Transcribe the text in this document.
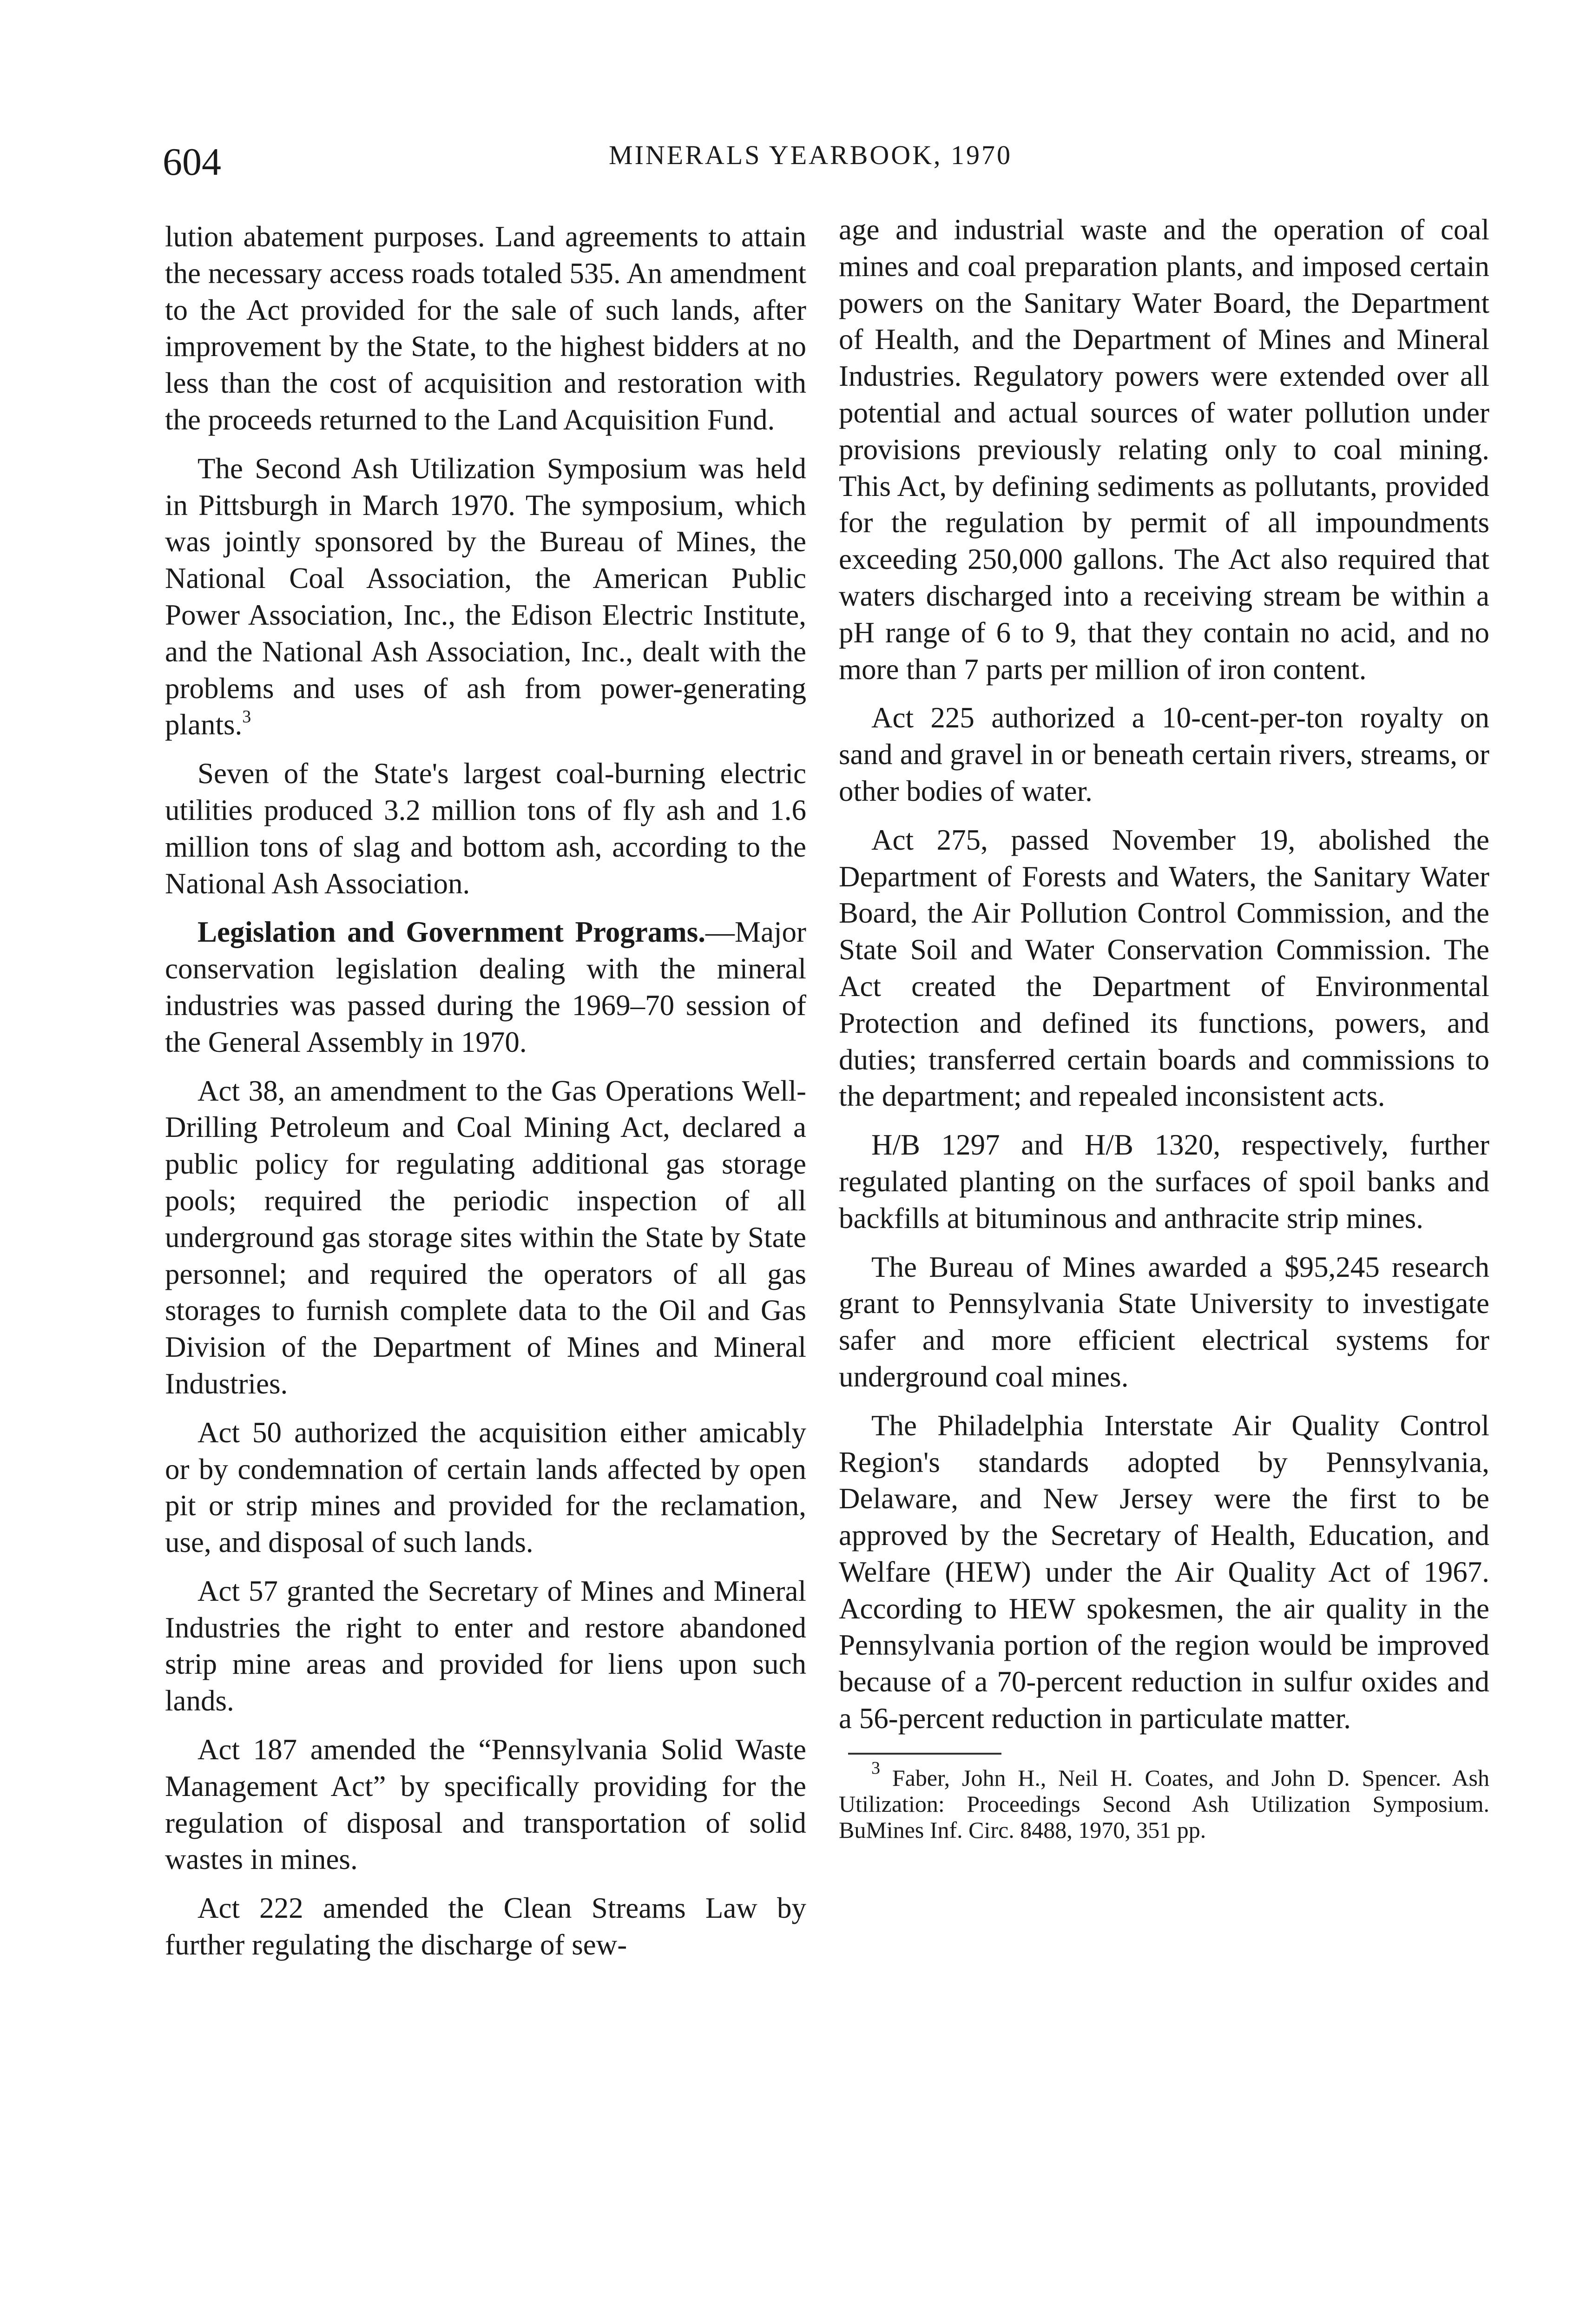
604	MINERALS YEARBOOK, 1970

lution abatement purposes. Land agreements to attain the necessary access roads totaled 535. An amendment to the Act provided for the sale of such lands, after improvement by the State, to the highest bidders at no less than the cost of acquisition and restoration with the proceeds returned to the Land Acquisition Fund.

The Second Ash Utilization Symposium was held in Pittsburgh in March 1970. The symposium, which was jointly sponsored by the Bureau of Mines, the National Coal Association, the American Public Power Association, Inc., the Edison Electric Institute, and the National Ash Association, Inc., dealt with the problems and uses of ash from power-generating plants.$^3$

Seven of the State's largest coal-burning electric utilities produced 3.2 million tons of fly ash and 1.6 million tons of slag and bottom ash, according to the National Ash Association.

Legislation and Government Programs.—Major conservation legislation dealing with the mineral industries was passed during the 1969–70 session of the General Assembly in 1970.

Act 38, an amendment to the Gas Operations Well-Drilling Petroleum and Coal Mining Act, declared a public policy for regulating additional gas storage pools; required the periodic inspection of all underground gas storage sites within the State by State personnel; and required the operators of all gas storages to furnish complete data to the Oil and Gas Division of the Department of Mines and Mineral Industries.

Act 50 authorized the acquisition either amicably or by condemnation of certain lands affected by open pit or strip mines and provided for the reclamation, use, and disposal of such lands.

Act 57 granted the Secretary of Mines and Mineral Industries the right to enter and restore abandoned strip mine areas and provided for liens upon such lands.

Act 187 amended the “Pennsylvania Solid Waste Management Act” by specifically providing for the regulation of disposal and transportation of solid wastes in mines.

Act 222 amended the Clean Streams Law by further regulating the discharge of sew-

age and industrial waste and the operation of coal mines and coal preparation plants, and imposed certain powers on the Sanitary Water Board, the Department of Health, and the Department of Mines and Mineral Industries. Regulatory powers were extended over all potential and actual sources of water pollution under provisions previously relating only to coal mining. This Act, by defining sediments as pollutants, provided for the regulation by permit of all impoundments exceeding 250,000 gallons. The Act also required that waters discharged into a receiving stream be within a pH range of 6 to 9, that they contain no acid, and no more than 7 parts per million of iron content.

Act 225 authorized a 10-cent-per-ton royalty on sand and gravel in or beneath certain rivers, streams, or other bodies of water.

Act 275, passed November 19, abolished the Department of Forests and Waters, the Sanitary Water Board, the Air Pollution Control Commission, and the State Soil and Water Conservation Commission. The Act created the Department of Environmental Protection and defined its functions, powers, and duties; transferred certain boards and commissions to the department; and repealed inconsistent acts.

H/B 1297 and H/B 1320, respectively, further regulated planting on the surfaces of spoil banks and backfills at bituminous and anthracite strip mines.

The Bureau of Mines awarded a $95,245 research grant to Pennsylvania State University to investigate safer and more efficient electrical systems for underground coal mines.

The Philadelphia Interstate Air Quality Control Region's standards adopted by Pennsylvania, Delaware, and New Jersey were the first to be approved by the Secretary of Health, Education, and Welfare (HEW) under the Air Quality Act of 1967. According to HEW spokesmen, the air quality in the Pennsylvania portion of the region would be improved because of a 70-percent reduction in sulfur oxides and a 56-percent reduction in particulate matter.

$^3$ Faber, John H., Neil H. Coates, and John D. Spencer. Ash Utilization: Proceedings Second Ash Utilization Symposium. BuMines Inf. Circ. 8488, 1970, 351 pp.
